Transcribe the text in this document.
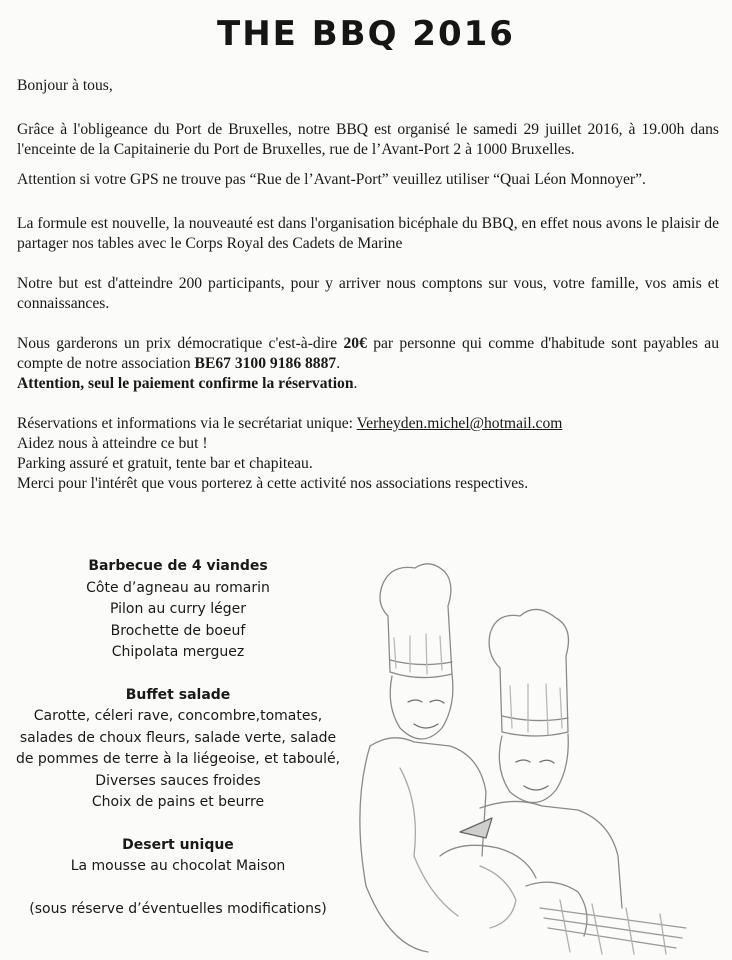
THE BBQ 2016

Bonjour à tous,

Grâce à l'obligeance du Port de Bruxelles, notre BBQ est organisé le samedi 29 juillet 2016, à 19.00h dans l'enceinte de la Capitainerie du Port de Bruxelles, rue de l’Avant-Port 2 à 1000 Bruxelles.

Attention si votre GPS ne trouve pas “Rue de l’Avant-Port” veuillez utiliser “Quai Léon Monnoyer”.

La formule est nouvelle, la nouveauté est dans l'organisation bicéphale du BBQ, en effet nous avons le plaisir de partager nos tables avec le Corps Royal des Cadets de Marine

Notre but est d'atteindre 200 participants, pour y arriver nous comptons sur vous, votre famille, vos amis et connaissances.

Nous garderons un prix démocratique c'est-à-dire 20€ par personne qui comme d'habitude sont payables au compte de notre association BE67 3100 9186 8887.

Attention, seul le paiement confirme la réservation.

Réservations et informations via le secrétariat unique: Verheyden.michel@hotmail.com

Aidez nous à atteindre ce but !

Parking assuré et gratuit, tente bar et chapiteau.

Merci pour l'intérêt que vous porterez à cette activité nos associations respectives.

Barbecue de 4 viandes
Côte d’agneau au romarin
Pilon au curry léger
Brochette de boeuf
Chipolata merguez
Buffet salade
Carotte, céleri rave, concombre,tomates,
salades de choux fleurs, salade verte, salade
de pommes de terre à la liégeoise, et taboulé,
Diverses sauces froides
Choix de pains et beurre
Desert unique
La mousse au chocolat Maison
(sous réserve d’éventuelles modifications)
